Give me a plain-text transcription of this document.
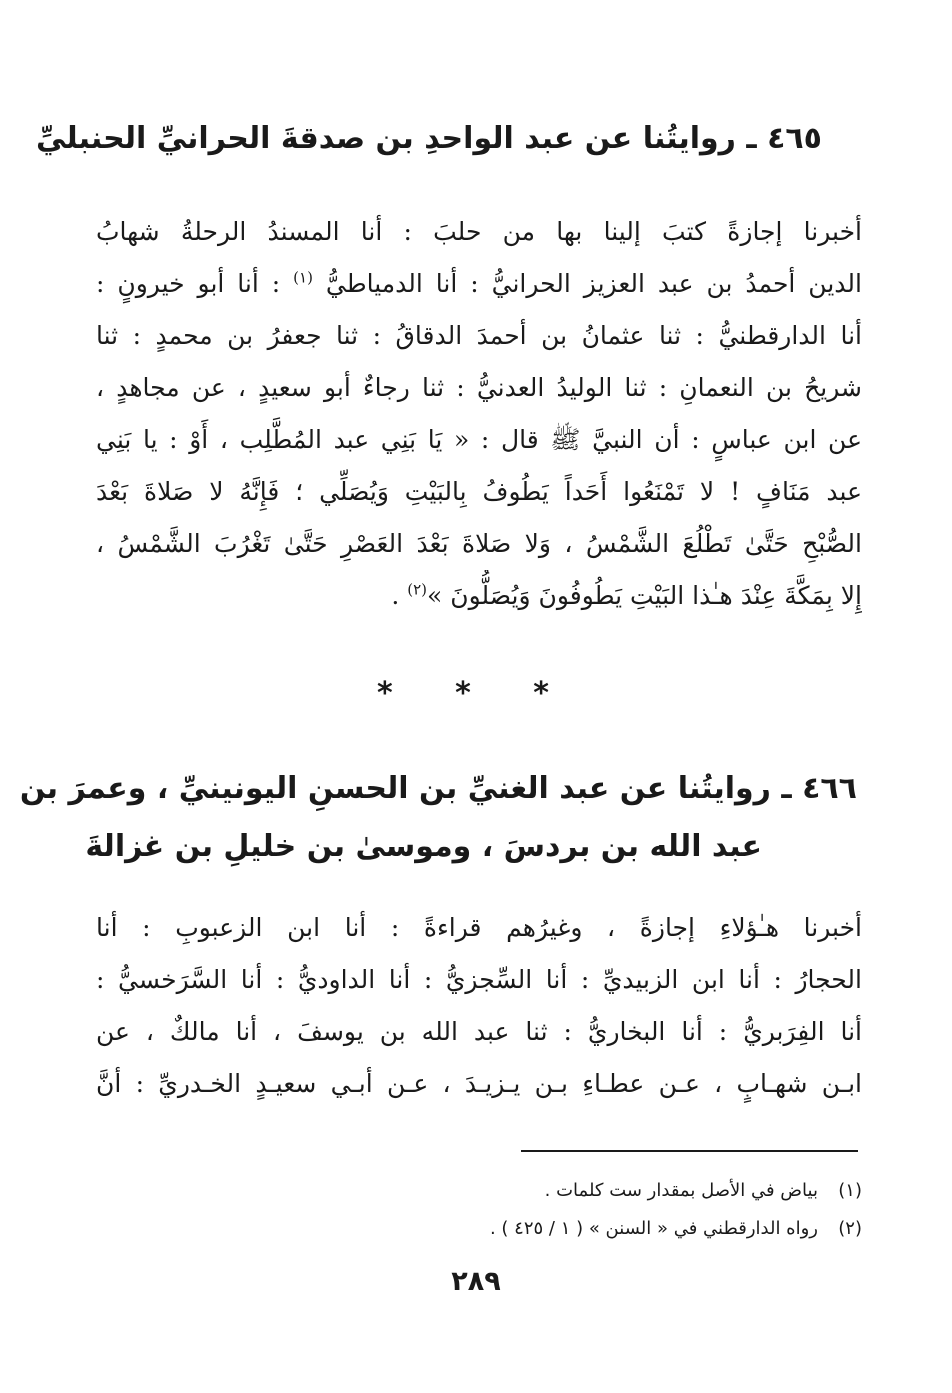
٤٦٥ ـ روايتُنا عن عبد الواحدِ بن صدقةَ الحرانيِّ الحنبليِّ
أخبرنا إجازةً كتبَ إلينا بها من حلبَ : أنا المسندُ الرحلةُ شهابُ
الدين أحمدُ بن عبد العزيز الحرانيُّ : أنا الدمياطيُّ $^{(١)}$ : أنا أبو خيرونٍ :
أنا الدارقطنيُّ : ثنا عثمانُ بن أحمدَ الدقاقُ : ثنا جعفرُ بن محمدٍ : ثنا
شريحُ بن النعمانِ : ثنا الوليدُ العدنيُّ : ثنا رجاءٌ أبو سعيدٍ ، عن مجاهدٍ ،
عن ابن عباسٍ : أن النبيَّ ﷺ قال : « يَا بَنِي عبد المُطَّلِب ، أَوْ : يا بَنِي
عبد مَنَافٍ ! لا تَمْنَعُوا أَحَداً يَطُوفُ بِالبَيْتِ وَيُصَلِّي ؛ فَإِنَّهُ لا صَلاةَ بَعْدَ
الصُّبْحِ حَتَّىٰ تَطْلُعَ الشَّمْسُ ، وَلا صَلاةَ بَعْدَ العَصْرِ حَتَّىٰ تَغْرُبَ الشَّمْسُ ،
إِلا بِمَكَّةَ عِنْدَ هـٰذا البَيْتِ يَطُوفُونَ وَيُصَلُّونَ »$^{(٢)}$ .
* * *
٤٦٦ ـ روايتُنا عن عبد الغنيِّ بن الحسنِ اليونينيِّ ، وعمرَ بن
عبد الله بن بردسَ ، وموسىٰ بن خليلِ بن غزالةَ
أخبرنا هـٰؤلاءِ إجازةً ، وغيرُهم قراءةً : أنا ابن الزعبوبِ : أنا
الحجارُ : أنا ابن الزبيديِّ : أنا السِّجزيُّ : أنا الداوديُّ : أنا السَّرَخسيُّ :
أنا الفِرَبريُّ : أنا البخاريُّ : ثنا عبد الله بن يوسفَ ، أنا مالكٌ ، عن
ابـن شهـابٍ ، عـن عطـاءِ بـن يـزيـدَ ، عـن أبـي سعيـدٍ الخـدريِّ : أنَّ
(١)بياض في الأصل بمقدار ست كلمات .
(٢)رواه الدارقطني في « السنن » ( ١ / ٤٢٥ ) .
٢٨٩
